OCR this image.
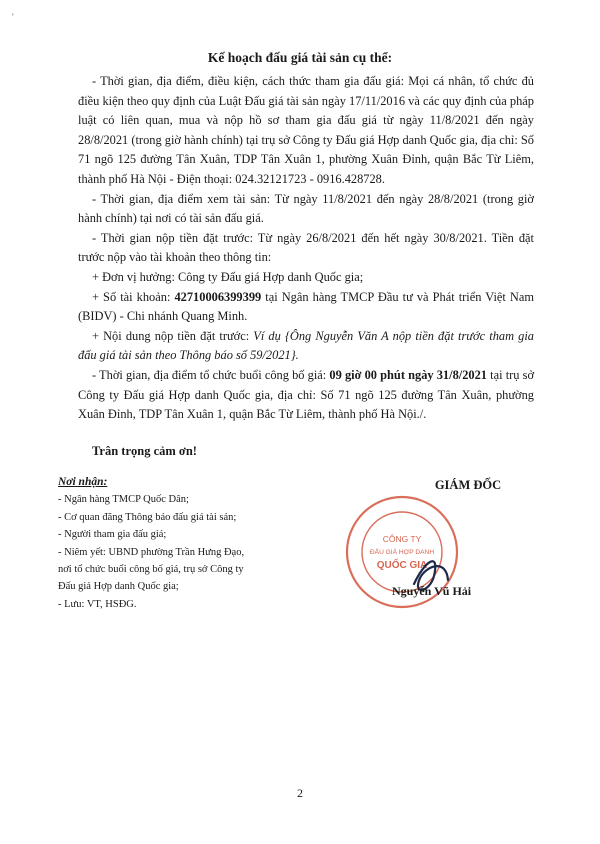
'
Kế hoạch đấu giá tài sản cụ thể:

- Thời gian, địa điểm, điều kiện, cách thức tham gia đấu giá: Mọi cá nhân, tổ chức đủ điều kiện theo quy định của Luật Đấu giá tài sản ngày 17/11/2016 và các quy định của pháp luật có liên quan, mua và nộp hồ sơ tham gia đấu giá từ ngày 11/8/2021 đến ngày 28/8/2021 (trong giờ hành chính) tại trụ sở Công ty Đấu giá Hợp danh Quốc gia, địa chỉ: Số 71 ngõ 125 đường Tân Xuân, TDP Tân Xuân 1, phường Xuân Đỉnh, quận Bắc Từ Liêm, thành phố Hà Nội - Điện thoại: 024.32121723 - 0916.428728.

- Thời gian, địa điểm xem tài sản: Từ ngày 11/8/2021 đến ngày 28/8/2021 (trong giờ hành chính) tại nơi có tài sản đấu giá.

- Thời gian nộp tiền đặt trước: Từ ngày 26/8/2021 đến hết ngày 30/8/2021. Tiền đặt trước nộp vào tài khoản theo thông tin:

+ Đơn vị hưởng: Công ty Đấu giá Hợp danh Quốc gia;

+ Số tài khoản: 42710006399399 tại Ngân hàng TMCP Đầu tư và Phát triển Việt Nam (BIDV) - Chi nhánh Quang Minh.

+ Nội dung nộp tiền đặt trước: Ví dụ {Ông Nguyễn Văn A nộp tiền đặt trước tham gia đấu giá tài sản theo Thông báo số 59/2021}.

- Thời gian, địa điểm tổ chức buổi công bố giá: 09 giờ 00 phút ngày 31/8/2021 tại trụ sở Công ty Đấu giá Hợp danh Quốc gia, địa chỉ: Số 71 ngõ 125 đường Tân Xuân, phường Xuân Đỉnh, TDP Tân Xuân 1, quận Bắc Từ Liêm, thành phố Hà Nội./.

Trân trọng cảm ơn!
Nơi nhận:
- Ngân hàng TMCP Quốc Dân;
- Cơ quan đăng Thông báo đấu giá tài sản;
- Người tham gia đấu giá;
- Niêm yết: UBND phường Trần Hưng Đạo,
nơi tổ chức buổi công bố giá, trụ sở Công ty
Đấu giá Hợp danh Quốc gia;
- Lưu: VT, HSĐG.
GIÁM ĐỐC
CÔNG TY
ĐẤU GIÁ HỢP DANH
QUỐC GIA
Nguyễn Vũ Hải
2
